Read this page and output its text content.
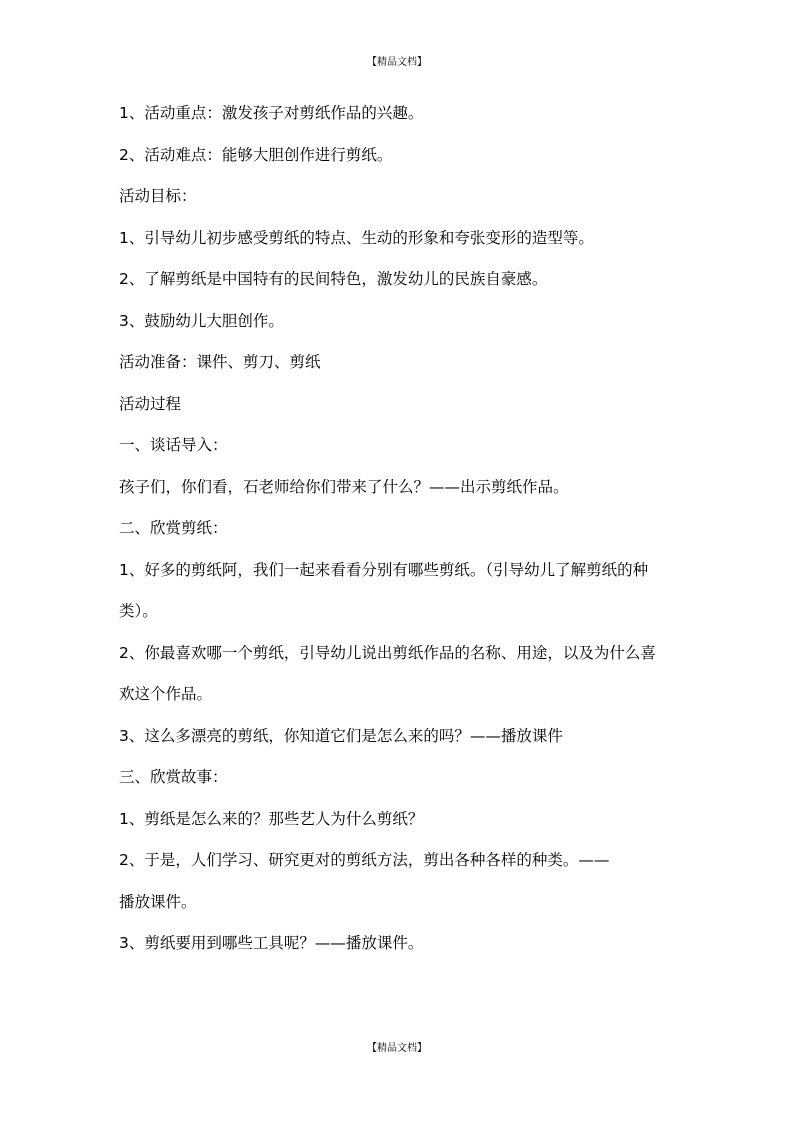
【精品文档】
1、活动重点：激发孩子对剪纸作品的兴趣。
2、活动难点：能够大胆创作进行剪纸。
活动目标：
1、引导幼儿初步感受剪纸的特点、生动的形象和夸张变形的造型等。
2、了解剪纸是中国特有的民间特色，激发幼儿的民族自豪感。
3、鼓励幼儿大胆创作。
活动准备：课件、剪刀、剪纸
活动过程
一、谈话导入：
孩子们，你们看，石老师给你们带来了什么？——出示剪纸作品。
二、欣赏剪纸：
1、好多的剪纸阿，我们一起来看看分别有哪些剪纸。（引导幼儿了解剪纸的种
类）。
2、你最喜欢哪一个剪纸，引导幼儿说出剪纸作品的名称、用途，以及为什么喜
欢这个作品。
3、这么多漂亮的剪纸，你知道它们是怎么来的吗？——播放课件
三、欣赏故事：
1、剪纸是怎么来的？那些艺人为什么剪纸？
2、于是，人们学习、研究更对的剪纸方法，剪出各种各样的种类。——
播放课件。
3、剪纸要用到哪些工具呢？——播放课件。
【精品文档】
